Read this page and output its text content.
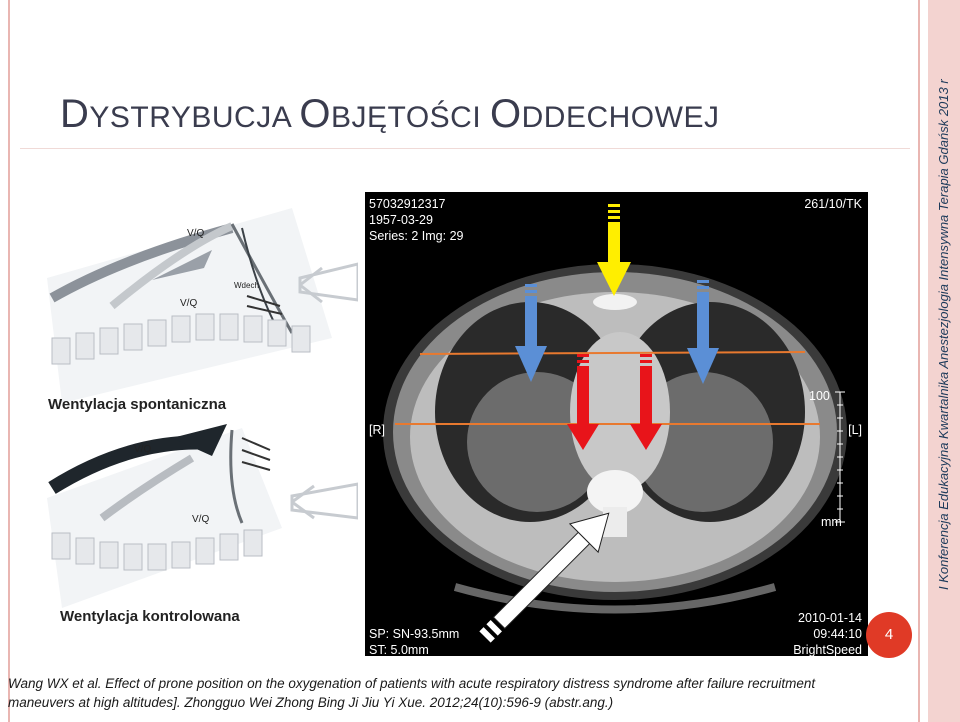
I Konferencja Edukacyjna Kwartalnika Anestezjologia Intensywna Terapia Gdańsk 2013 r
DYSTRYBUCJA OBJĘTOŚCI ODDECHOWEJ
V/Q
V/Q
Wdech
V/Q
V/Q
Wentylacja spontaniczna
Wentylacja kontrolowana
57032912317
1957-03-29
Series: 2 Img: 29
261/10/TK
[R]	[L]
100
mm
SP: SN-93.5mm
ST: 5.0mm
2010-01-14
09:44:10
BrightSpeed
4
Wang WX et al. Effect of prone position on the oxygenation of patients with acute respiratory distress syndrome after failure recruitment
maneuvers at high altitudes]. Zhongguo Wei Zhong Bing Ji Jiu Yi Xue. 2012;24(10):596-9 (abstr.ang.)
